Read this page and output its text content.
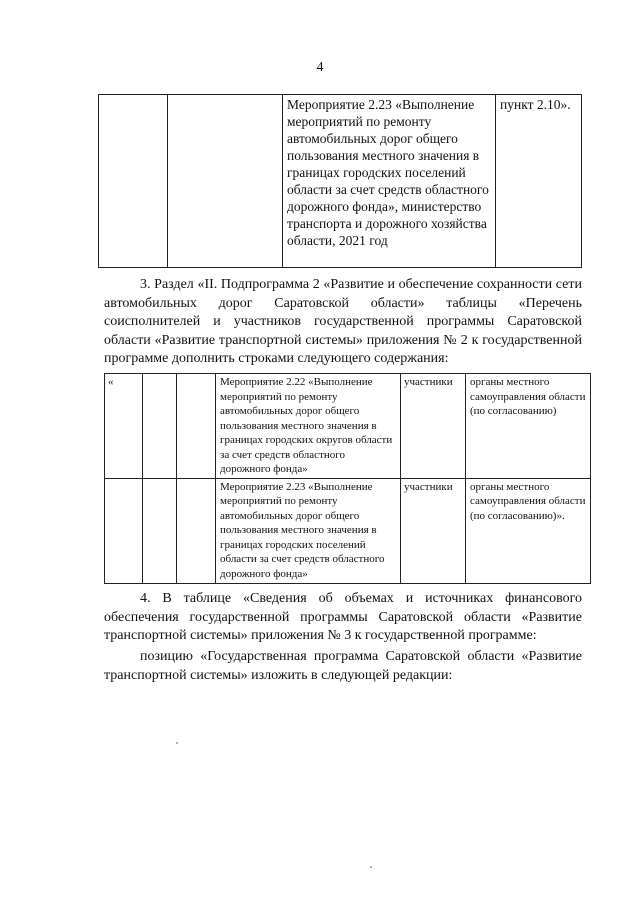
4
		Мероприятие 2.23 «Выполнение мероприятий по ремонту автомобильных дорог общего пользования местного значения в границах городских поселений области за счет средств областного дорожного фонда», министерство транспорта и дорожного хозяйства области, 2021 год	пункт 2.10».

3. Раздел «II. Подпрограмма 2 «Развитие и обеспечение сохранности сети автомобильных дорог Саратовской области» таблицы «Перечень соисполнителей и участников государственной программы Саратовской области «Развитие транспортной системы» приложения № 2 к государственной программе дополнить строками следующего содержания:

«			Мероприятие 2.22 «Выполнение мероприятий по ремонту автомобильных дорог общего пользования местного значения в границах городских округов области за счет средств областного дорожного фонда»	участники	органы местного самоуправления области (по согласованию)
			Мероприятие 2.23 «Выполнение мероприятий по ремонту автомобильных дорог общего пользования местного значения в границах городских поселений области за счет средств областного дорожного фонда»	участники	органы местного самоуправления области (по согласованию)».

4. В таблице «Сведения об объемах и источниках финансового обеспечения государственной программы Саратовской области «Развитие транспортной системы» приложения № 3 к государственной программе:

позицию «Государственная программа Саратовской области «Развитие транспортной системы» изложить в следующей редакции:
